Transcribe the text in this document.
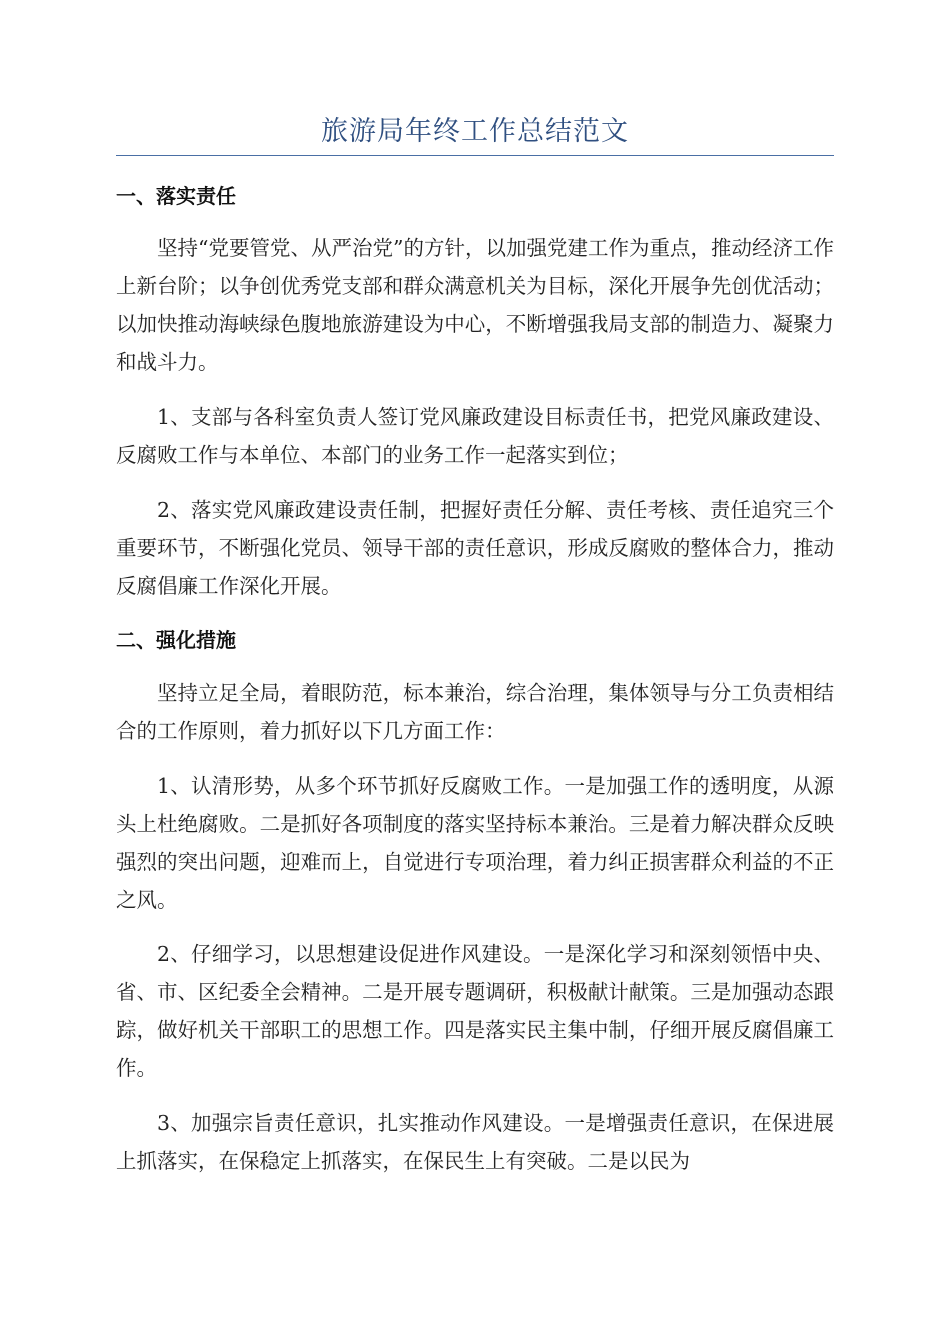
旅游局年终工作总结范文
一、落实责任
坚持“党要管党、从严治党”的方针，以加强党建工作为重点，推动经济工作上新台阶；以争创优秀党支部和群众满意机关为目标，深化开展争先创优活动；以加快推动海峡绿色腹地旅游建设为中心，不断增强我局支部的制造力、凝聚力和战斗力。
1、支部与各科室负责人签订党风廉政建设目标责任书，把党风廉政建设、反腐败工作与本单位、本部门的业务工作一起落实到位；
2、落实党风廉政建设责任制，把握好责任分解、责任考核、责任追究三个重要环节，不断强化党员、领导干部的责任意识，形成反腐败的整体合力，推动反腐倡廉工作深化开展。
二、强化措施
坚持立足全局，着眼防范，标本兼治，综合治理，集体领导与分工负责相结合的工作原则，着力抓好以下几方面工作：
1、认清形势，从多个环节抓好反腐败工作。一是加强工作的透明度，从源头上杜绝腐败。二是抓好各项制度的落实坚持标本兼治。三是着力解决群众反映强烈的突出问题，迎难而上，自觉进行专项治理，着力纠正损害群众利益的不正之风。
2、仔细学习，以思想建设促进作风建设。一是深化学习和深刻领悟中央、省、市、区纪委全会精神。二是开展专题调研，积极献计献策。三是加强动态跟踪，做好机关干部职工的思想工作。四是落实民主集中制，仔细开展反腐倡廉工作。
3、加强宗旨责任意识，扎实推动作风建设。一是增强责任意识，在保进展上抓落实，在保稳定上抓落实，在保民生上有突破。二是以民为
